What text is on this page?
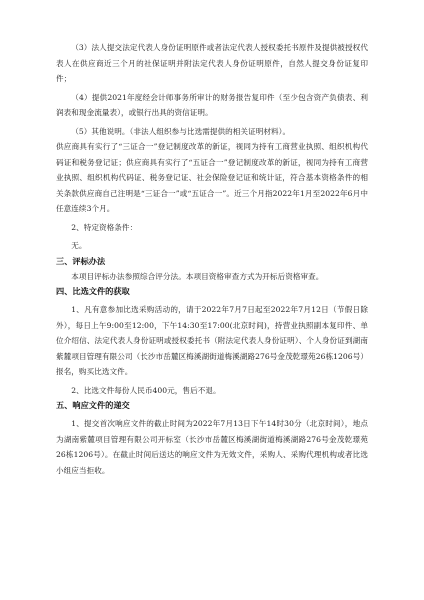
（3）法人提交法定代表人身份证明原件或者法定代表人授权委托书原件及提供被授权代表人在供应商近三个月的社保证明并附法定代表人身份证明原件，自然人提交身份证复印件；

（4）提供2021年度经会计师事务所审计的财务报告复印件（至少包含资产负债表、利润表和现金流量表），或银行出具的资信证明。

（5）其他说明。（非法人组织参与比选需提供的相关证明材料）。

供应商具有实行了“三证合一”登记制度改革的新证，视同为持有工商营业执照、组织机构代码证和税务登记证；供应商具有实行了“五证合一”登记制度改革的新证，视同为持有工商营业执照、组织机构代码证、税务登记证、社会保险登记证和统计证，符合基本资格条件的相关条款供应商自己注明是“三证合一”或“五证合一”。近三个月指2022年1月至2022年6月中任意连续3个月。

2、特定资格条件：

无。

三、评标办法

本项目评标办法参照综合评分法。本项目资格审查方式为开标后资格审查。

四、比选文件的获取

1、凡有意参加比选采购活动的，请于2022年7月7日起至2022年7月12日（节假日除外），每日上午9:00至12:00，下午14:30至17:00(北京时间)，持营业执照副本复印件、单位介绍信、法定代表人身份证明或授权委托书（附法定代表人身份证明）、个人身份证到湖南紫麓项目管理有限公司（长沙市岳麓区梅溪湖街道梅溪湖路276号金茂乾璟苑26栋1206号）报名，购买比选文件。

2、比选文件每份人民币400元，售后不退。

五、响应文件的递交

1、提交首次响应文件的截止时间为2022年7月13日下午14时30分（北京时间），地点为湖南紫麓项目管理有限公司开标室（长沙市岳麓区梅溪湖街道梅溪湖路276号金茂乾璟苑26栋1206号）。在截止时间后送达的响应文件为无效文件，采购人、采购代理机构或者比选小组应当拒收。
